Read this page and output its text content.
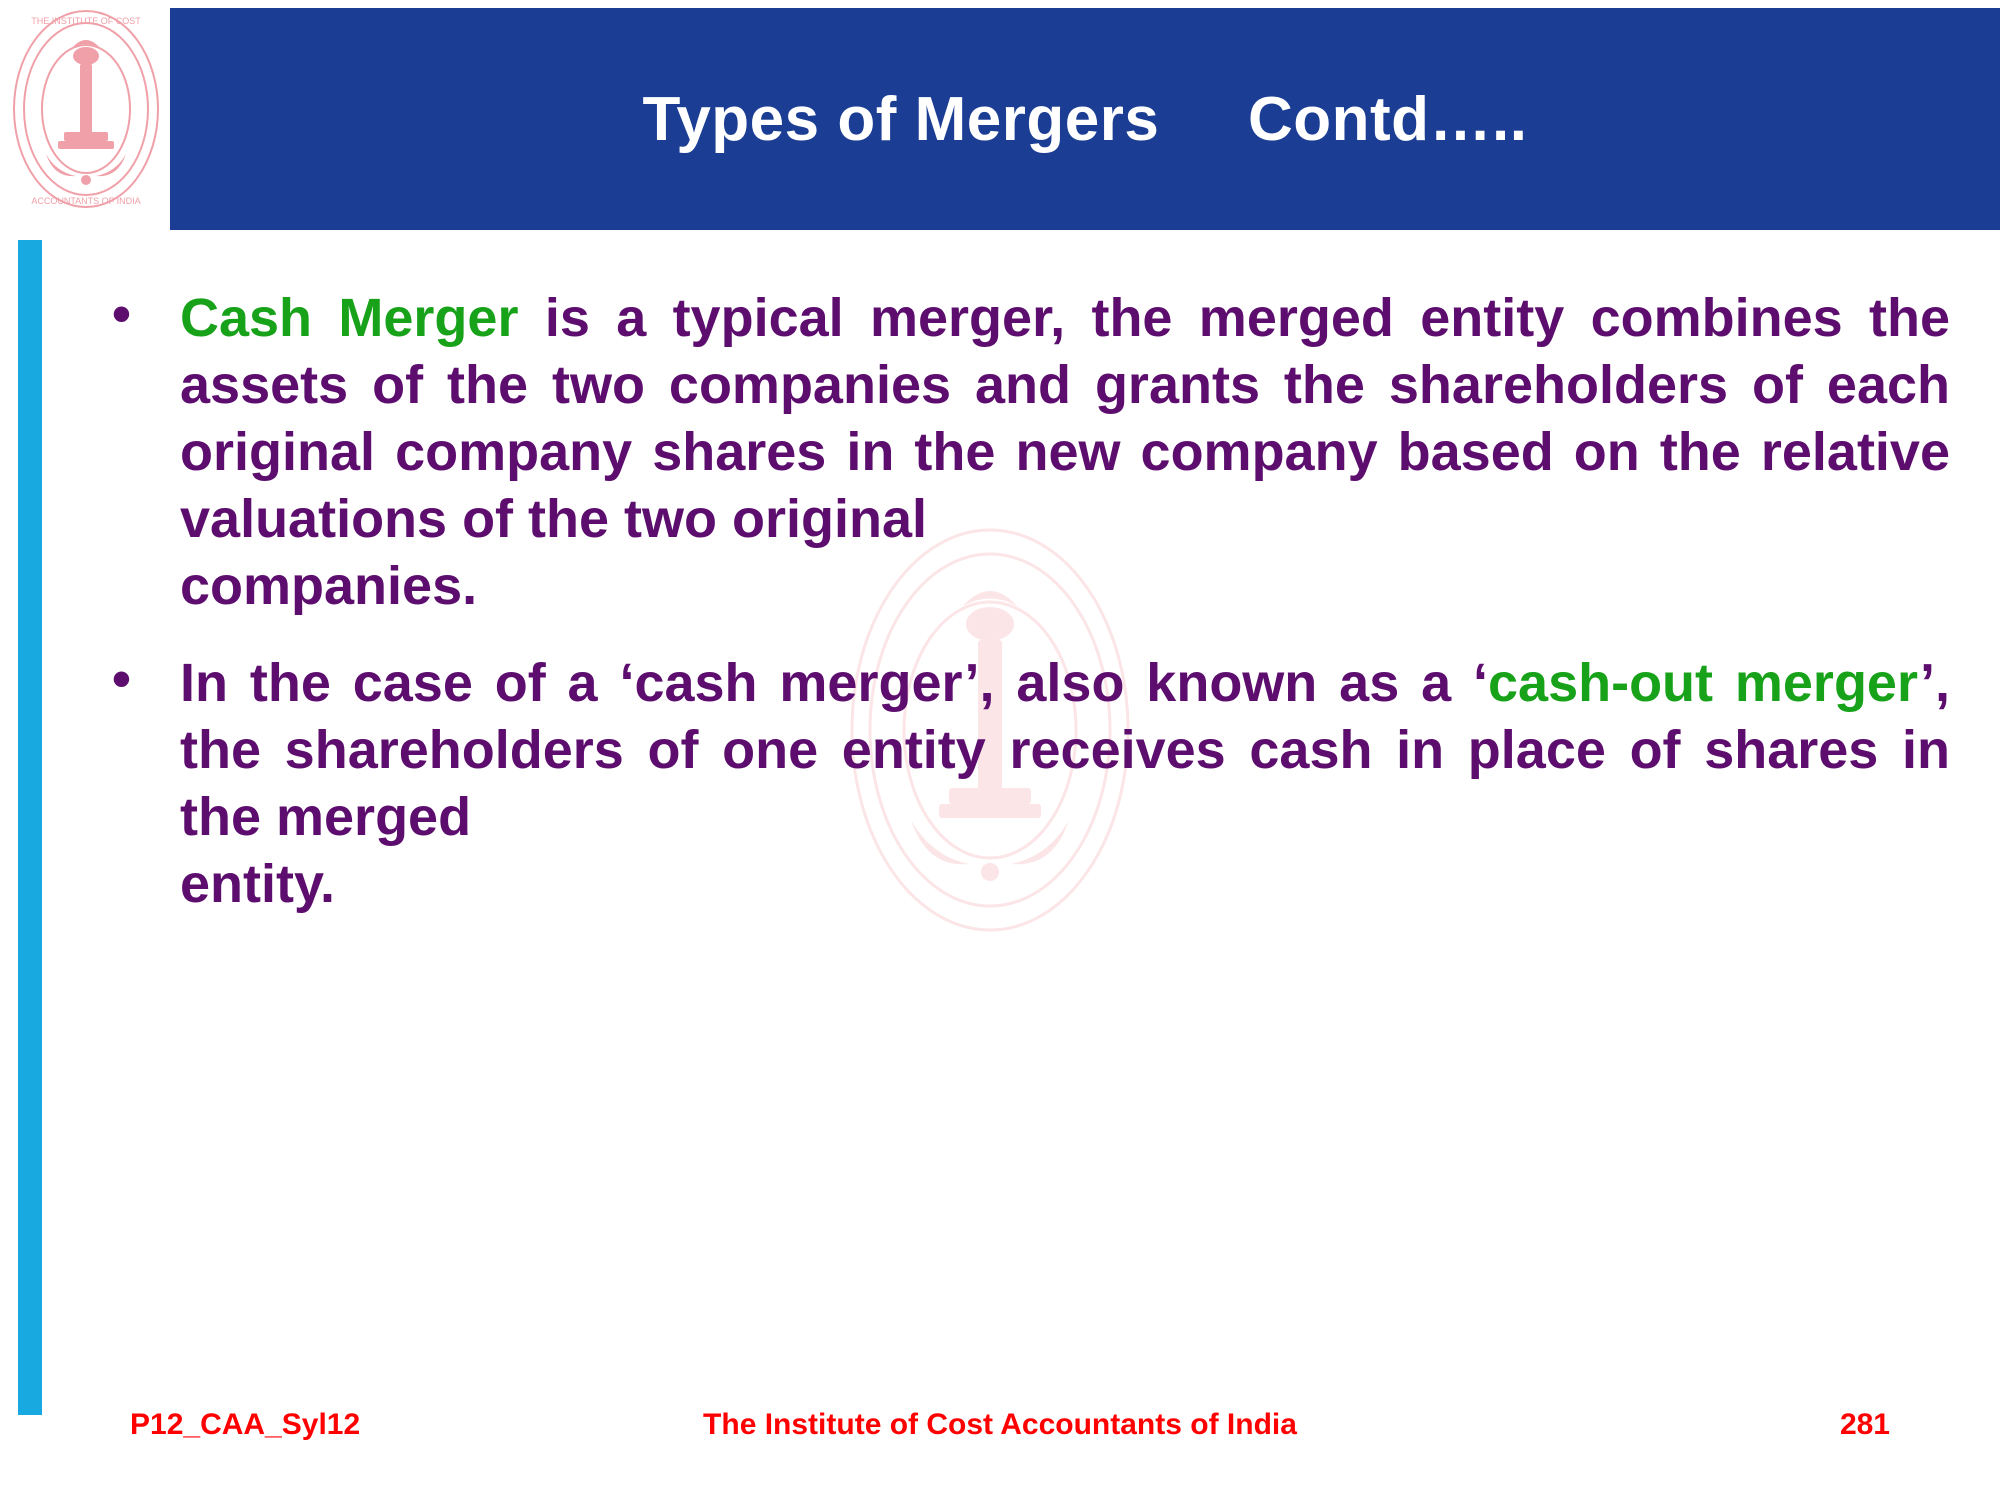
THE INSTITUTE OF COST
ACCOUNTANTS OF INDIA
Types of Mergers     Contd…..
• Cash Merger is a typical merger, the merged entity combines the assets of the two companies and grants the shareholders of each original company shares in the new company based on the relative valuations of the two original
companies.
• In the case of a ‘cash merger’, also known as a ‘cash-out merger’, the shareholders of one entity receives cash in place of shares in the merged
entity.
P12_CAA_Syl12	The Institute of Cost Accountants of India	281
